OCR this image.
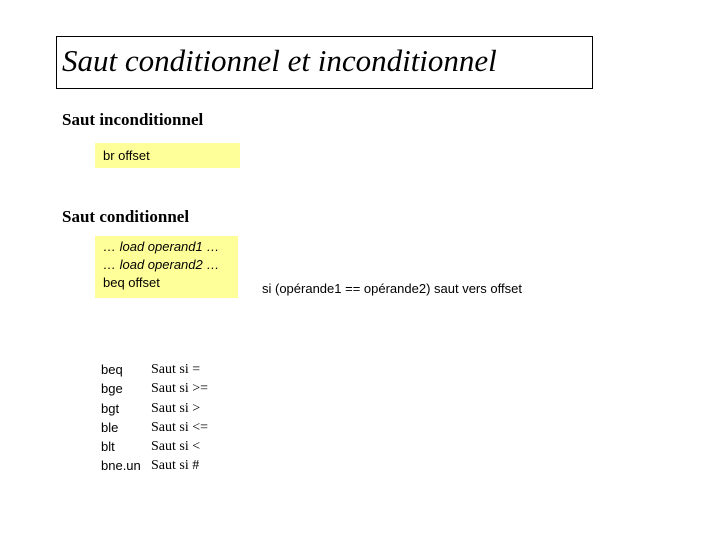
Saut conditionnel et inconditionnel
Saut inconditionnel
br offset
Saut conditionnel
… load operand1 …
… load operand2 …
beq offset	si (opérande1 == opérande2) saut vers offset
beq Saut si =
bge Saut si >=
bgt Saut si >
ble Saut si <=
blt	Saut si <
bne.un Saut si #
